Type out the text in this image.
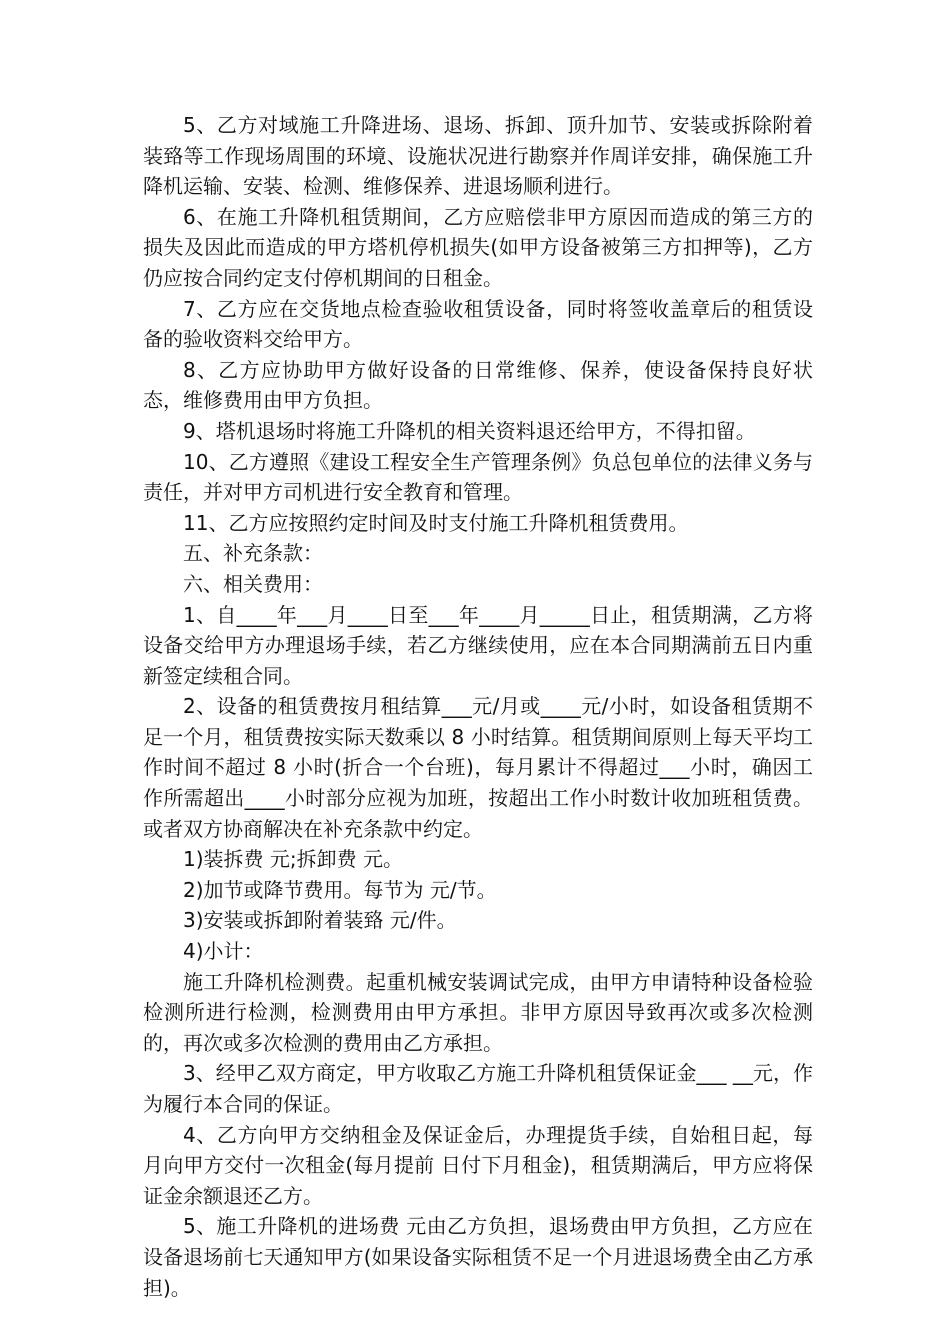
5、乙方对域施工升降进场、退场、拆卸、顶升加节、安装或拆除附着装臵等工作现场周围的环境、设施状况进行勘察并作周详安排，确保施工升降机运输、安装、检测、维修保养、进退场顺利进行。

6、在施工升降机租赁期间，乙方应赔偿非甲方原因而造成的第三方的损失及因此而造成的甲方塔机停机损失(如甲方设备被第三方扣押等)，乙方仍应按合同约定支付停机期间的日租金。

7、乙方应在交货地点检查验收租赁设备，同时将签收盖章后的租赁设备的验收资料交给甲方。

8、乙方应协助甲方做好设备的日常维修、保养，使设备保持良好状态，维修费用由甲方负担。

9、塔机退场时将施工升降机的相关资料退还给甲方，不得扣留。

10、乙方遵照《建设工程安全生产管理条例》负总包单位的法律义务与责任，并对甲方司机进行安全教育和管理。

11、乙方应按照约定时间及时支付施工升降机租赁费用。

五、补充条款：

六、相关费用：

1、自____年___月____日至___年____月_____日止，租赁期满，乙方将设备交给甲方办理退场手续，若乙方继续使用，应在本合同期满前五日内重新签定续租合同。

2、设备的租赁费按月租结算___元/月或____元/小时，如设备租赁期不足一个月，租赁费按实际天数乘以 8 小时结算。租赁期间原则上每天平均工作时间不超过 8 小时(折合一个台班)，每月累计不得超过___小时，确因工作所需超出____小时部分应视为加班，按超出工作小时数计收加班租赁费。或者双方协商解决在补充条款中约定。

1)装拆费 元;拆卸费 元。

2)加节或降节费用。每节为 元/节。

3)安装或拆卸附着装臵 元/件。

4)小计：

施工升降机检测费。起重机械安装调试完成，由甲方申请特种设备检验检测所进行检测，检测费用由甲方承担。非甲方原因导致再次或多次检测的，再次或多次检测的费用由乙方承担。

3、经甲乙双方商定，甲方收取乙方施工升降机租赁保证金___ __元，作为履行本合同的保证。

4、乙方向甲方交纳租金及保证金后，办理提货手续，自始租日起，每 月向甲方交付一次租金(每月提前 日付下月租金)，租赁期满后，甲方应将保证金余额退还乙方。

5、施工升降机的进场费 元由乙方负担，退场费由甲方负担，乙方应在设备退场前七天通知甲方(如果设备实际租赁不足一个月进退场费全由乙方承担)。
